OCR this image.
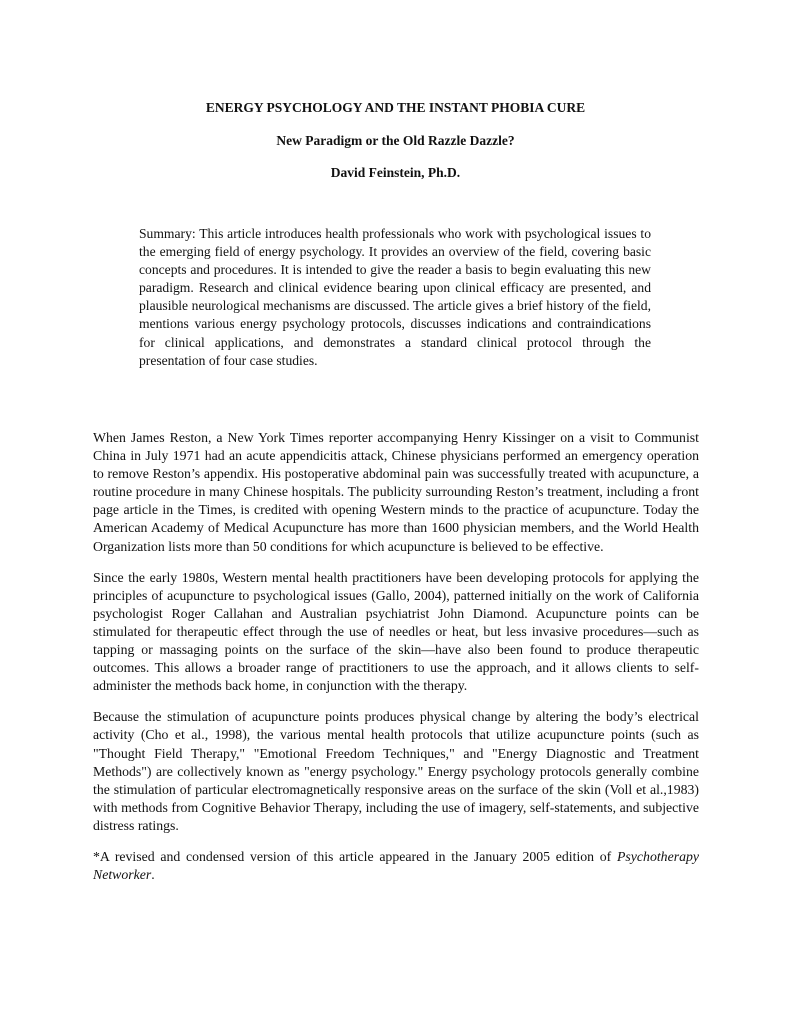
ENERGY PSYCHOLOGY AND THE INSTANT PHOBIA CURE
New Paradigm or the Old Razzle Dazzle?
David Feinstein, Ph.D.

Summary: This article introduces health professionals who work with psychological issues to the emerging field of energy psychology. It provides an overview of the field, covering basic concepts and procedures. It is intended to give the reader a basis to begin evaluating this new paradigm. Research and clinical evidence bearing upon clinical efficacy are presented, and plausible neurological mechanisms are discussed. The article gives a brief history of the field, mentions various energy psychology protocols, discusses indications and contraindications for clinical applications, and demonstrates a standard clinical protocol through the presentation of four case studies.

When James Reston, a New York Times reporter accompanying Henry Kissinger on a visit to Communist China in July 1971 had an acute appendicitis attack, Chinese physicians performed an emergency operation to remove Reston’s appendix. His postoperative abdominal pain was successfully treated with acupuncture, a routine procedure in many Chinese hospitals. The publicity surrounding Reston’s treatment, including a front page article in the Times, is credited with opening Western minds to the practice of acupuncture. Today the American Academy of Medical Acupuncture has more than 1600 physician members, and the World Health Organization lists more than 50 conditions for which acupuncture is believed to be effective.

Since the early 1980s, Western mental health practitioners have been developing protocols for applying the principles of acupuncture to psychological issues (Gallo, 2004), patterned initially on the work of California psychologist Roger Callahan and Australian psychiatrist John Diamond. Acupuncture points can be stimulated for therapeutic effect through the use of needles or heat, but less invasive procedures—such as tapping or massaging points on the surface of the skin—have also been found to produce therapeutic outcomes. This allows a broader range of practitioners to use the approach, and it allows clients to self-administer the methods back home, in conjunction with the therapy.

Because the stimulation of acupuncture points produces physical change by altering the body’s electrical activity (Cho et al., 1998), the various mental health protocols that utilize acupuncture points (such as "Thought Field Therapy," "Emotional Freedom Techniques," and "Energy Diagnostic and Treatment Methods") are collectively known as "energy psychology." Energy psychology protocols generally combine the stimulation of particular electromagnetically responsive areas on the surface of the skin (Voll et al.,1983) with methods from Cognitive Behavior Therapy, including the use of imagery, self-statements, and subjective distress ratings.

*A revised and condensed version of this article appeared in the January 2005 edition of Psychotherapy Networker.
